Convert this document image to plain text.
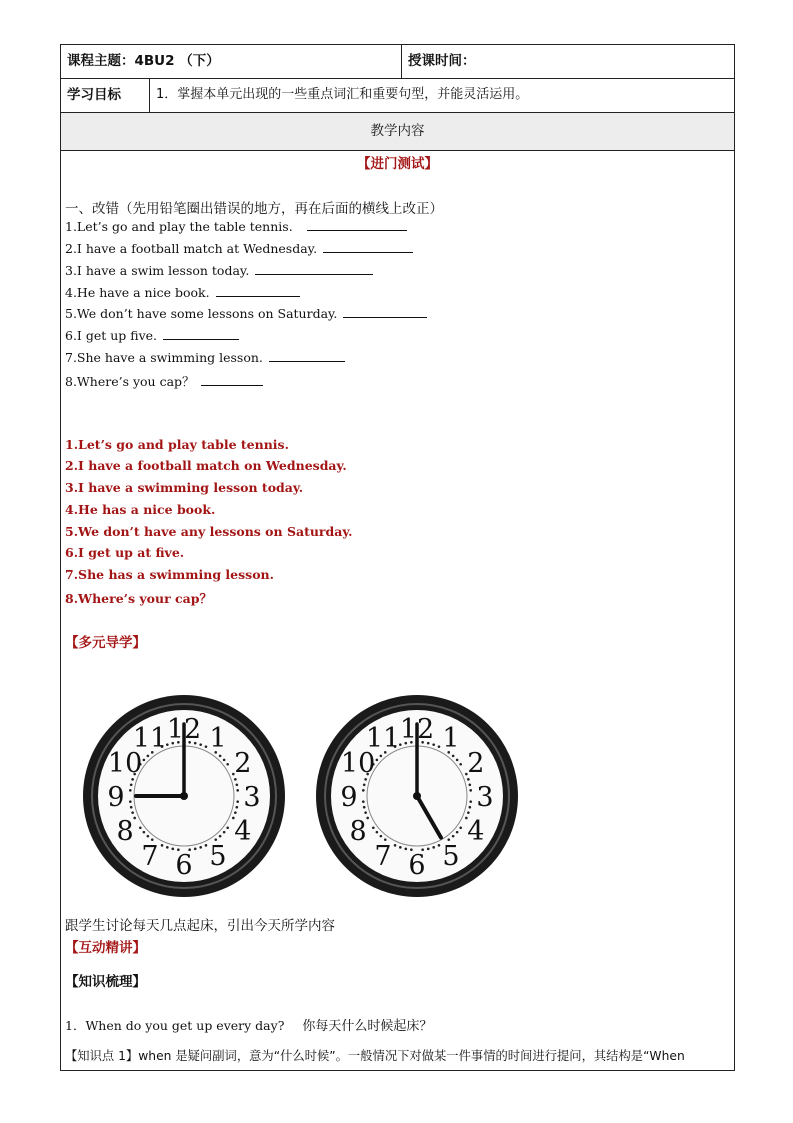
课程主题：4BU2 （下）	授课时间：
学习目标	1．掌握本单元出现的一些重点词汇和重要句型，并能灵活运用。
教学内容
【进门测试】
一、改错（先用铅笔圈出错误的地方，再在后面的横线上改正）
1.Let’s go and play the table tennis.
2.I have a football match at Wednesday.
3.I have a swim lesson today.
4.He have a nice book.
5.We don’t have some lessons on Saturday.
6.I get up five.
7.She have a swimming lesson.
8.Where’s you cap？
1.Let’s go and play table tennis.
2.I have a football match on Wednesday.
3.I have a swimming lesson today.
4.He has a nice book.
5.We don’t have any lessons on Saturday.
6.I get up at five.
7.She has a swimming lesson.
8.Where’s your cap？
【多元导学】
12 1
2
3
4
5
6
7
8
9
10
11	12 1
2
3
4
5
6
7
8
9
10
11
跟学生讨论每天几点起床，引出今天所学内容
【互动精讲】
【知识梳理】
1．When do you get up every day? 你每天什么时候起床？
【知识点 1】when 是疑问副词，意为“什么时候”。一般情况下对做某一件事情的时间进行提问，其结构是“When
